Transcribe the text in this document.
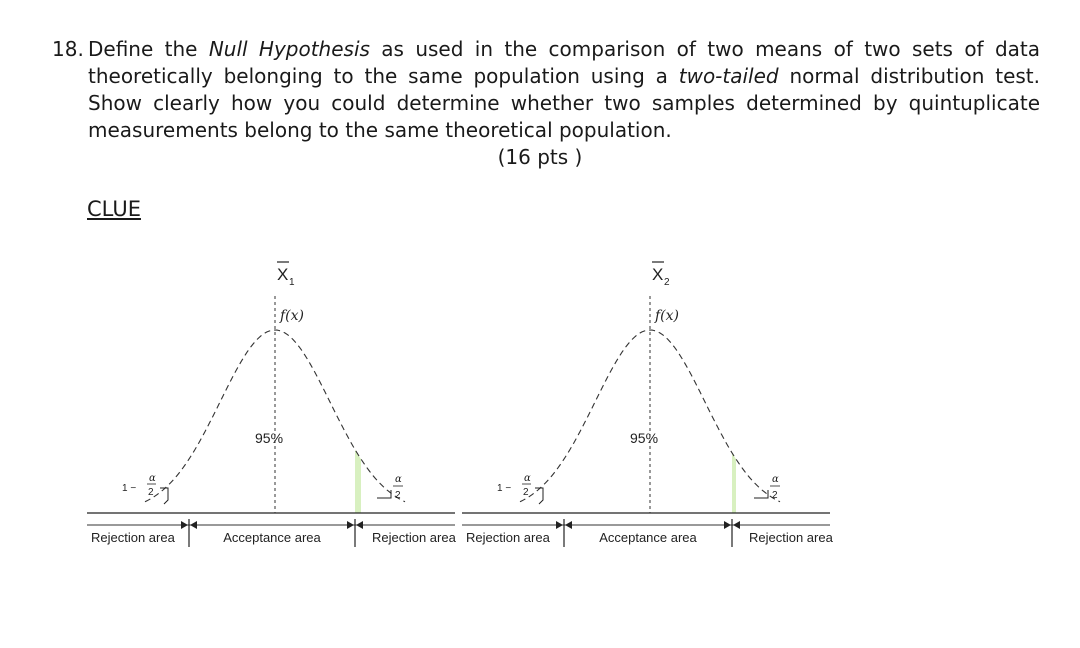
18. Define the Null Hypothesis as used in the comparison of two means of two sets of data theoretically belonging to the same population using a two-tailed normal distribution test. Show clearly how you could determine whether two samples determined by quintuplicate measurements belong to the same theoretical population.
(16 pts )
CLUE
X 1
f(x)
95%
1 −
α
2
α
2
Rejection area	Acceptance area	Rejection area
X 2
f(x)
95%
1 −
α
2
α
2
Rejection area	Acceptance area	Rejection area
